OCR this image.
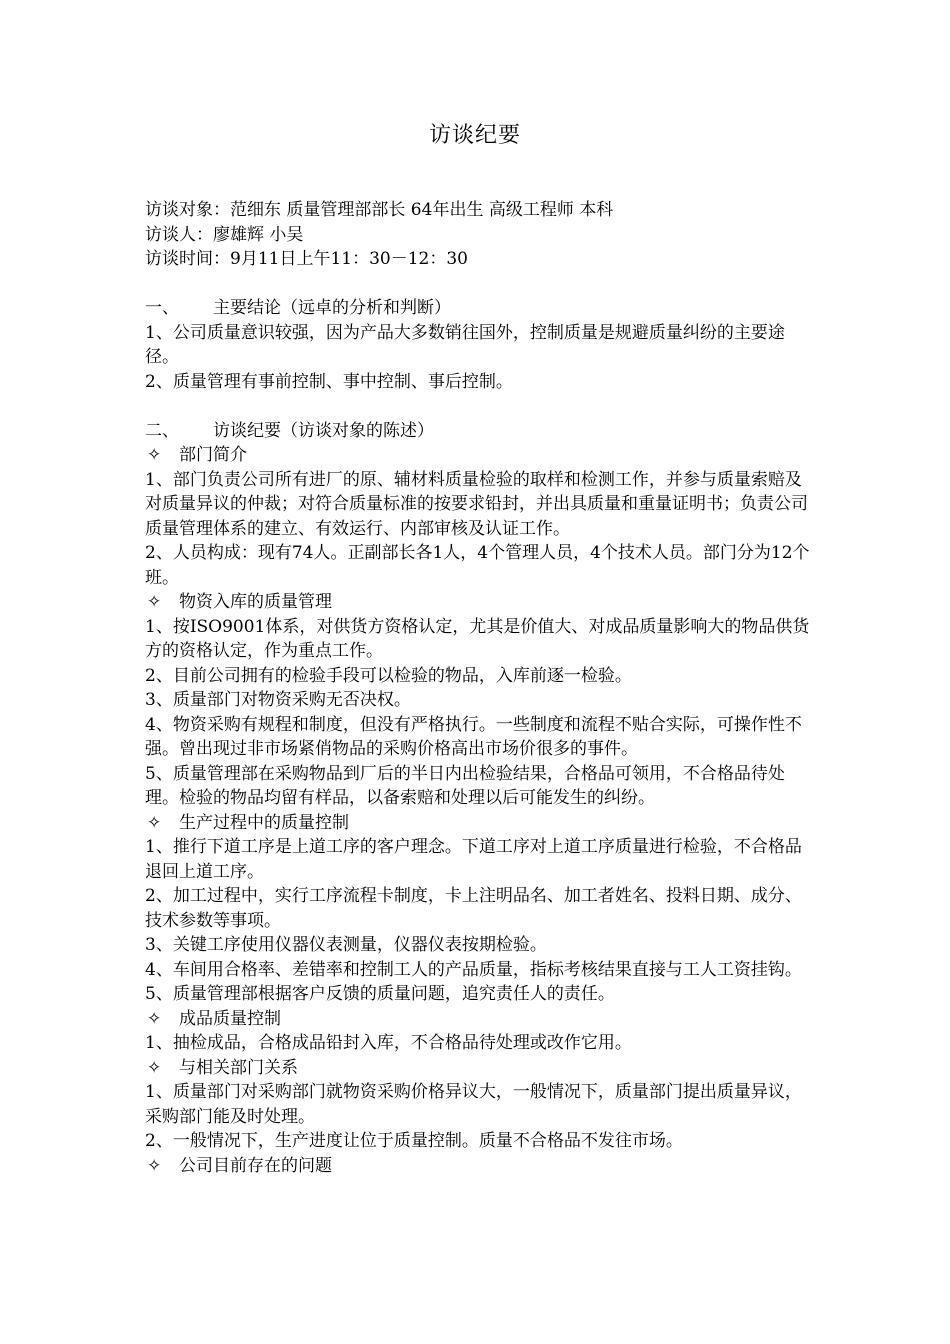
访谈纪要

访谈对象：范细东 质量管理部部长 64年出生 高级工程师 本科

访谈人：廖雄辉 小吴

访谈时间：9月11日上午11：30－12：30

一、	主要结论（远卓的分析和判断）

1、公司质量意识较强，因为产品大多数销往国外，控制质量是规避质量纠纷的主要途径。

2、质量管理有事前控制、事中控制、事后控制。

二、	访谈纪要（访谈对象的陈述）
✧	部门简介

1、部门负责公司所有进厂的原、辅材料质量检验的取样和检测工作，并参与质量索赔及对质量异议的仲裁；对符合质量标准的按要求铅封，并出具质量和重量证明书；负责公司质量管理体系的建立、有效运行、内部审核及认证工作。

2、人员构成：现有74人。正副部长各1人，4个管理人员，4个技术人员。部门分为12个班。

✧	物资入库的质量管理

1、按ISO9001体系，对供货方资格认定，尤其是价值大、对成品质量影响大的物品供货方的资格认定，作为重点工作。

2、目前公司拥有的检验手段可以检验的物品，入库前逐一检验。

3、质量部门对物资采购无否决权。

4、物资采购有规程和制度，但没有严格执行。一些制度和流程不贴合实际，可操作性不强。曾出现过非市场紧俏物品的采购价格高出市场价很多的事件。

5、质量管理部在采购物品到厂后的半日内出检验结果，合格品可领用，不合格品待处理。检验的物品均留有样品，以备索赔和处理以后可能发生的纠纷。

✧	生产过程中的质量控制

1、推行下道工序是上道工序的客户理念。下道工序对上道工序质量进行检验，不合格品退回上道工序。

2、加工过程中，实行工序流程卡制度，卡上注明品名、加工者姓名、投料日期、成分、技术参数等事项。

3、关键工序使用仪器仪表测量，仪器仪表按期检验。

4、车间用合格率、差错率和控制工人的产品质量，指标考核结果直接与工人工资挂钩。

5、质量管理部根据客户反馈的质量问题，追究责任人的责任。

✧	成品质量控制

1、抽检成品，合格成品铅封入库，不合格品待处理或改作它用。

✧	与相关部门关系

1、质量部门对采购部门就物资采购价格异议大，一般情况下，质量部门提出质量异议，采购部门能及时处理。

2、一般情况下，生产进度让位于质量控制。质量不合格品不发往市场。

✧	公司目前存在的问题
